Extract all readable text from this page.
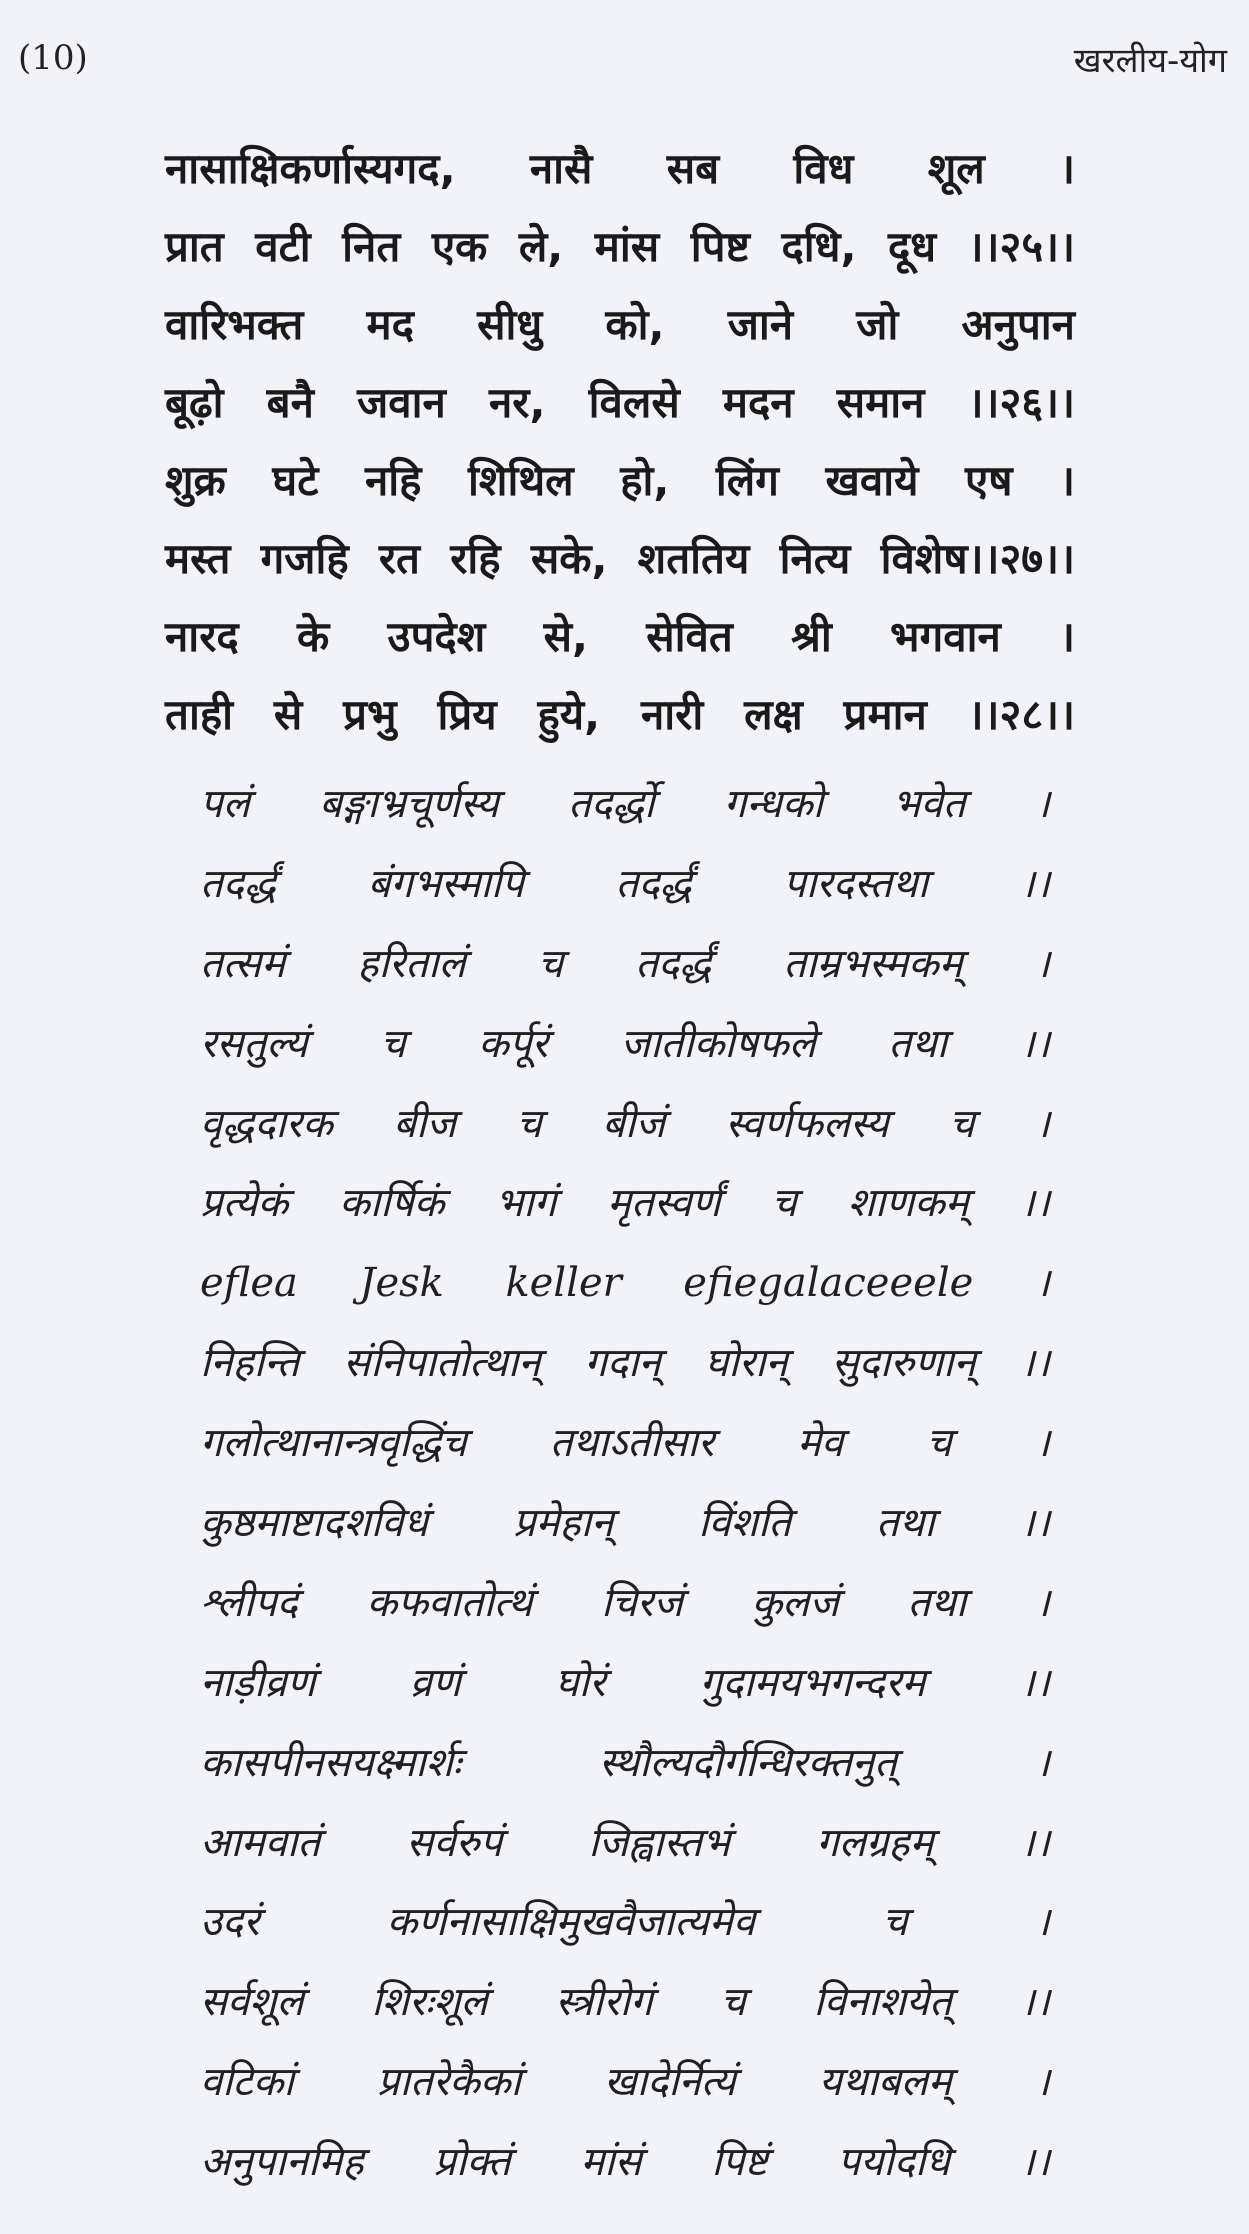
(10)	खरलीय-योग
नासाक्षिकर्णास्यगद, नासै सब विध शूल ।
प्रात वटी नित एक ले, मांस पिष्ट दधि, दूध ।।२५।।
वारिभक्त मद सीधु को, जाने जो अनुपान
बूढ़ो बनै जवान नर, विलसे मदन समान ।।२६।।
शुक्र घटे नहि शिथिल हो, लिंग खवाये एष ।
मस्त गजहि रत रहि सके, शततिय नित्य विशेष।।२७।।
नारद के उपदेश से, सेवित श्री भगवान ।
ताही से प्रभु प्रिय हुये, नारी लक्ष प्रमान ।।२८।।
पलं बङ्गाभ्रचूर्णस्य तदर्द्धो गन्धको भवेत ।
तदर्द्धं बंगभस्मापि तदर्द्धं पारदस्तथा ।।
तत्समं हरितालं च तदर्द्धं ताम्रभस्मकम् ।
रसतुल्यं च कर्पूरं जातीकोषफले तथा ।।
वृद्धदारक बीज च बीजं स्वर्णफलस्य च ।
प्रत्येकं कार्षिकं भागं मृतस्वर्णं च शाणकम् ।।
eflea Jesk keller efiegalaceeele ।
निहन्ति संनिपातोत्थान् गदान् घोरान् सुदारुणान् ।।
गलोत्थानान्त्रवृद्धिंच तथाऽतीसार मेव च ।
कुष्ठमाष्टादशविधं प्रमेहान् विंशति तथा ।।
श्लीपदं कफवातोत्थं चिरजं कुलजं तथा ।
नाड़ीव्रणं व्रणं घोरं गुदामयभगन्दरम ।।
कासपीनसयक्ष्मार्शः स्थौल्यदौर्गन्धिरक्तनुत् ।
आमवातं सर्वरुपं जिह्वास्तभं गलग्रहम् ।।
उदरं कर्णनासाक्षिमुखवैजात्यमेव च ।
सर्वशूलं शिरःशूलं स्त्रीरोगं च विनाशयेत् ।।
वटिकां प्रातरेकैकां खादेर्नित्यं यथाबलम् ।
अनुपानमिह प्रोक्तं मांसं पिष्टं पयोदधि ।।
